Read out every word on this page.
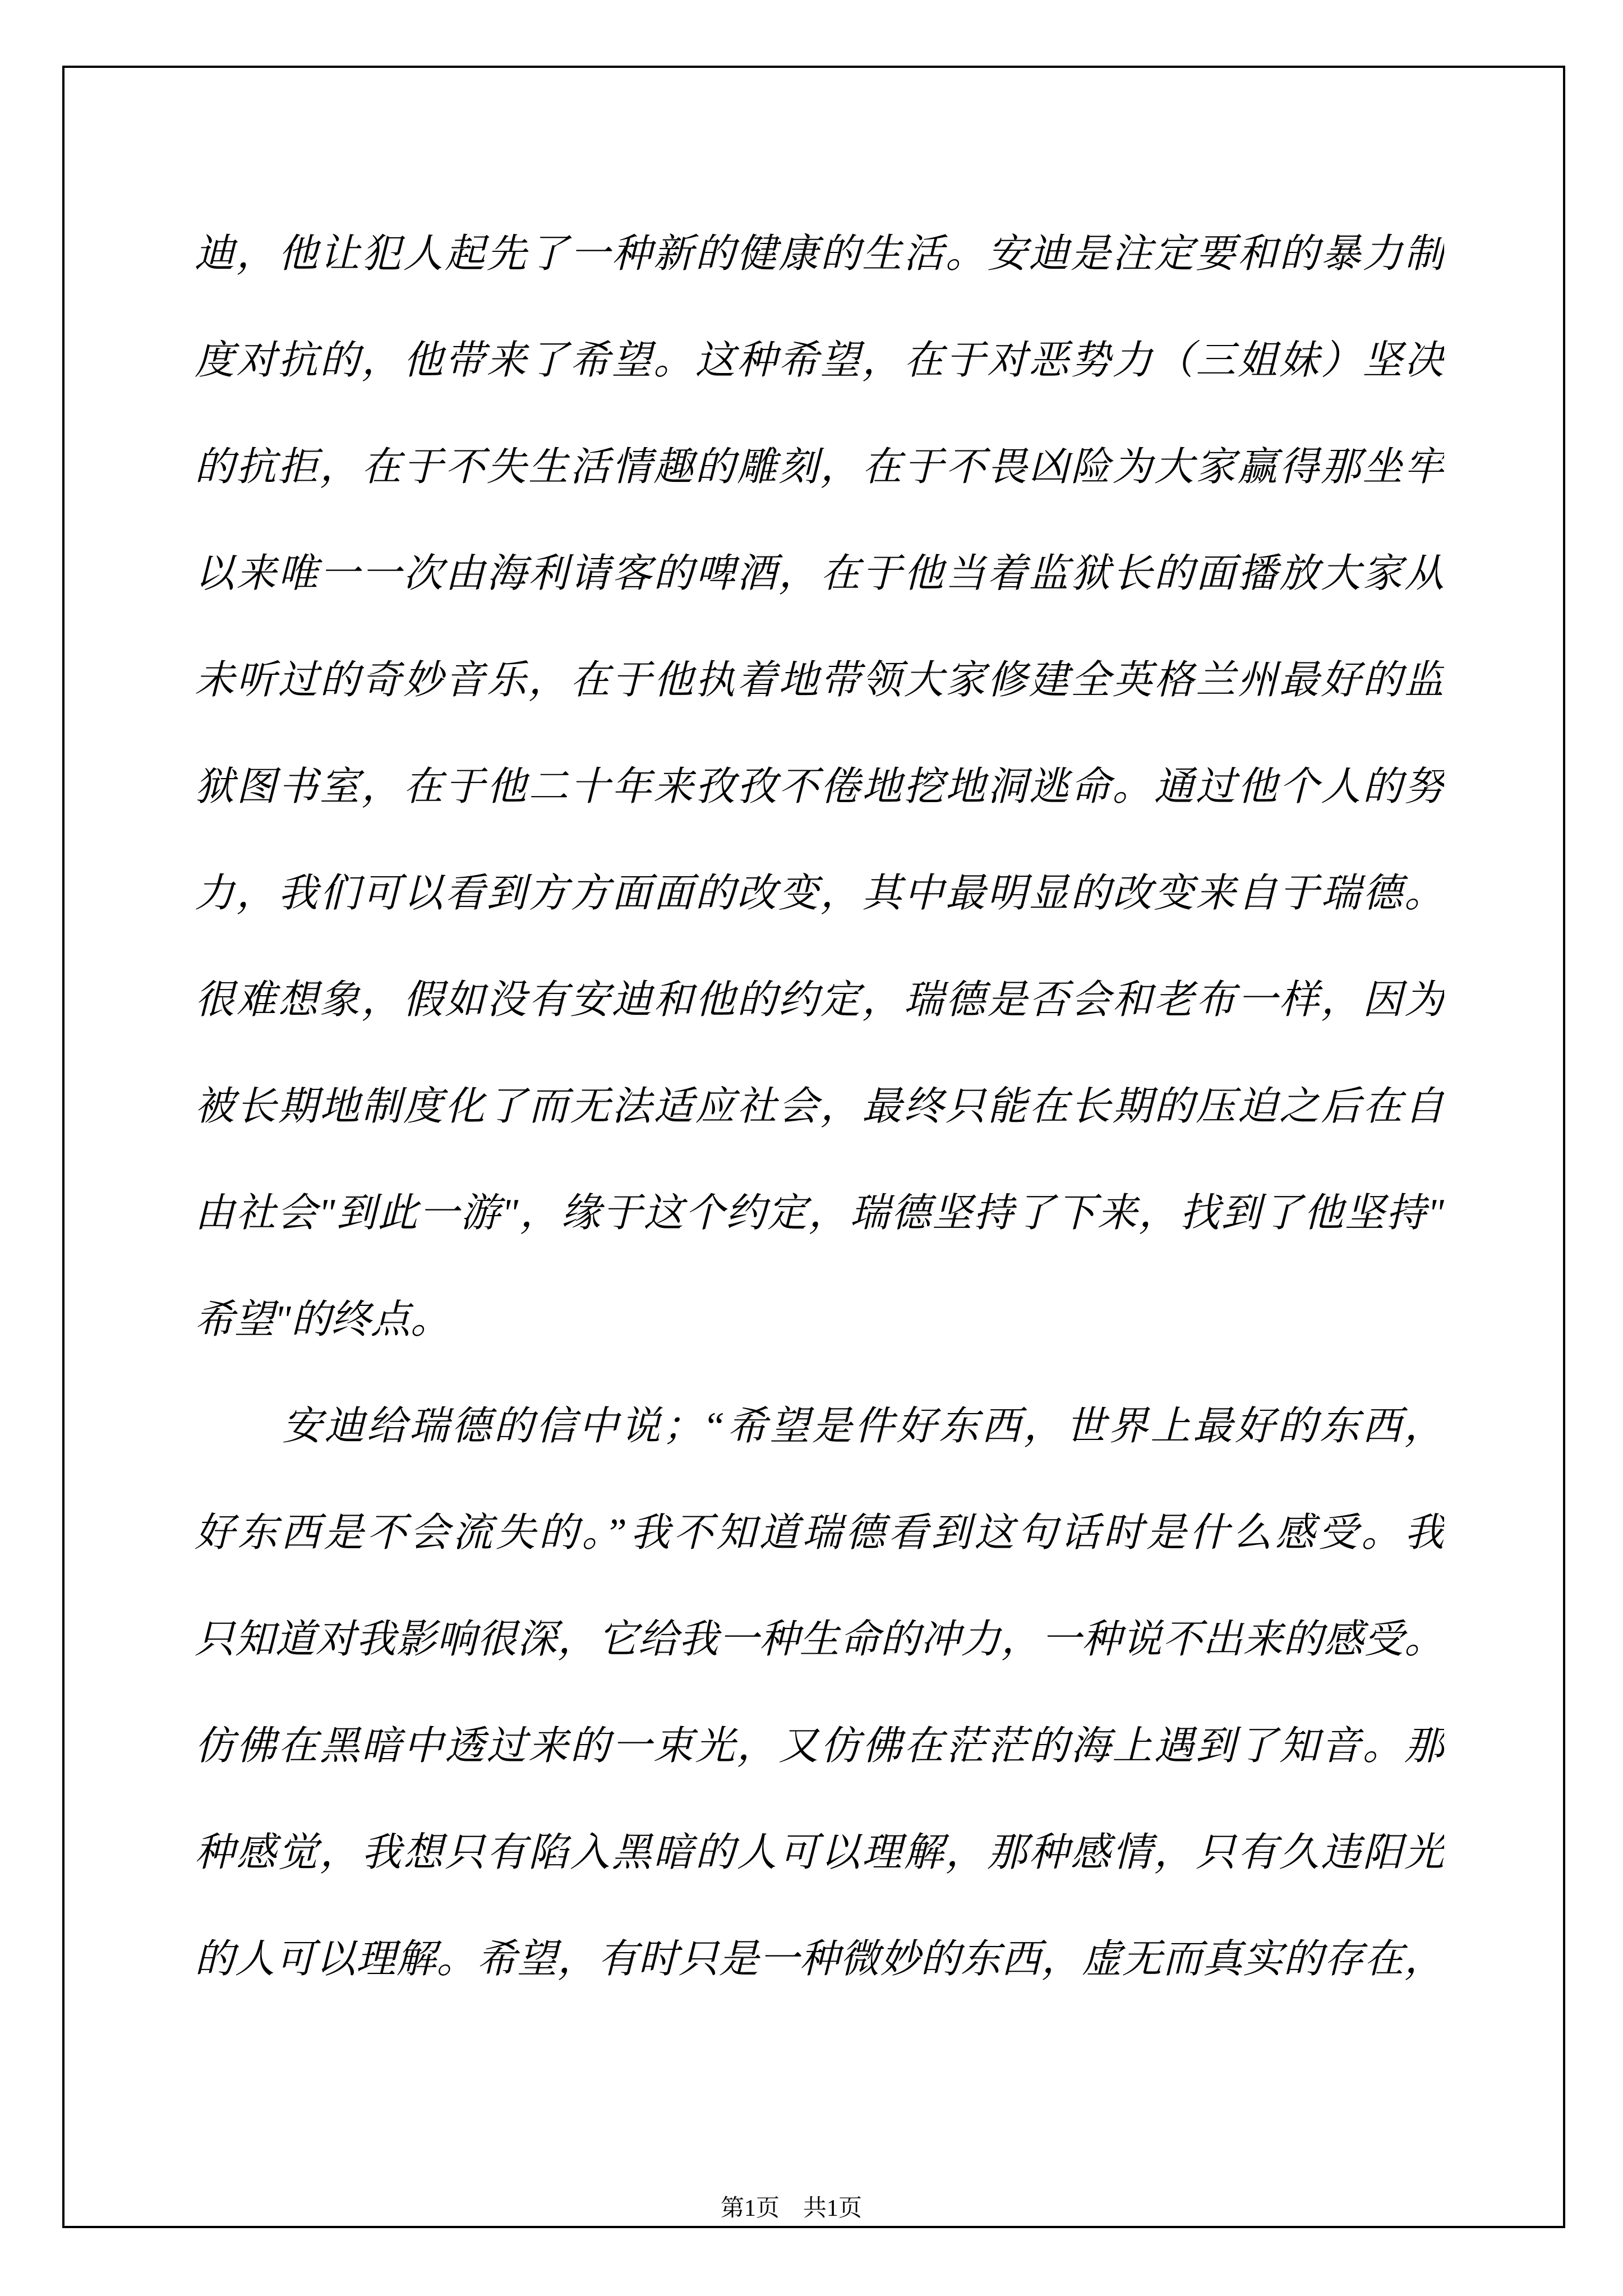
迪，他让犯人起先了一种新的健康的生活。安迪是注定要和的暴力制
度对抗的，他带来了希望。这种希望，在于对恶势力（三姐妹）坚决
的抗拒，在于不失生活情趣的雕刻，在于不畏凶险为大家赢得那坐牢
以来唯一一次由海利请客的啤酒，在于他当着监狱长的面播放大家从
未听过的奇妙音乐，在于他执着地带领大家修建全英格兰州最好的监
狱图书室，在于他二十年来孜孜不倦地挖地洞逃命。通过他个人的努
力，我们可以看到方方面面的改变，其中最明显的改变来自于瑞德。
很难想象，假如没有安迪和他的约定，瑞德是否会和老布一样，因为
被长期地制度化了而无法适应社会，最终只能在长期的压迫之后在自
由社会"到此一游"，缘于这个约定，瑞德坚持了下来，找到了他坚持"
希望"的终点。
安迪给瑞德的信中说；“希望是件好东西，世界上最好的东西，
好东西是不会流失的。”我不知道瑞德看到这句话时是什么感受。我
只知道对我影响很深，它给我一种生命的冲力，一种说不出来的感受。
仿佛在黑暗中透过来的一束光，又仿佛在茫茫的海上遇到了知音。那
种感觉，我想只有陷入黑暗的人可以理解，那种感情，只有久违阳光
的人可以理解。希望，有时只是一种微妙的东西，虚无而真实的存在，
第1页　共1页
